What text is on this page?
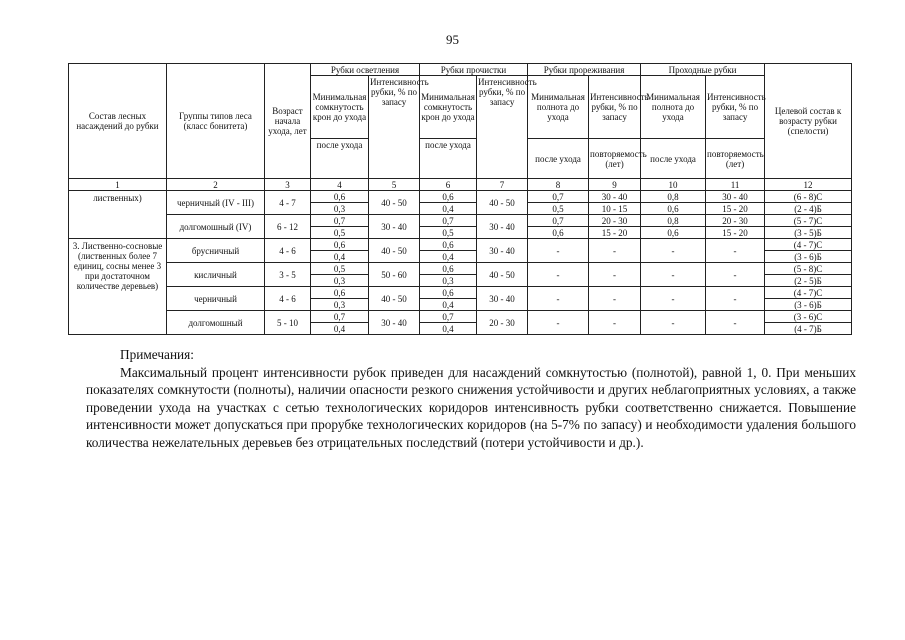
95
Состав лесных насаждений до рубки	Группы типов леса (класс бонитета)	Возраст начала ухода, лет	Рубки осветления		Рубки прочистки		Рубки прореживания		Проходные рубки		Целевой состав к возрасту рубки (спелости)
			Минимальная сомкнутость крон до ухода	Интенсивность рубки, % по запасу	Минимальная сомкнутость крон до ухода	Интенсивность рубки, % по запасу	Минимальная полнота до ухода	Интенсивность рубки, % по запасу	Минимальная полнота до ухода	Интенсивность рубки, % по запасу	
			после ухода		после ухода		после ухода	повторяемость (лет)	после ухода	повторяемость (лет)	
1	2	3	4	5	6	7	8	9	10	11	12
лиственных)	черничный (IV - III)	4 - 7	0,6	40 - 50	0,6	40 - 50	0,7	30 - 40	0,8	30 - 40	(6 - 8)С
			0,3		0,4		0,5	10 - 15	0,6	15 - 20	(2 - 4)Б
	долгомошный (IV)	6 - 12	0,7	30 - 40	0,7	30 - 40	0,7	20 - 30	0,8	20 - 30	(5 - 7)С
			0,5		0,5		0,6	15 - 20	0,6	15 - 20	(3 - 5)Б
3. Лиственно-сосновые (лиственных более 7 единиц, сосны менее 3 при достаточном количестве деревьев)	брусничный	4 - 6	0,6	40 - 50	0,6	30 - 40	-	-	-	-	(4 - 7)С
			0,4		0,4						(3 - 6)Б
	кисличный	3 - 5	0,5	50 - 60	0,6	40 - 50	-	-	-	-	(5 - 8)С
			0,3		0,3						(2 - 5)Б
	черничный	4 - 6	0,6	40 - 50	0,6	30 - 40	-	-	-	-	(4 - 7)С
			0,3		0,4						(3 - 6)Б
	долгомошный	5 - 10	0,7	30 - 40	0,7	20 - 30	-	-	-	-	(3 - 6)С
			0,4		0,4						(4 - 7)Б
Примечания:
Максимальный процент интенсивности рубок приведен для насаждений сомкнутостью (полнотой), равной 1, 0. При меньших показателях сомкнутости (полноты), наличии опасности резкого снижения устойчивости и других неблагоприятных условиях, а также проведении ухода на участках с сетью технологических коридоров интенсивность рубки соответственно снижается. Повышение интенсивности может допускаться при прорубке технологических коридоров (на 5-7% по запасу) и необходимости удаления большого количества нежелательных деревьев без отрицательных последствий (потери устойчивости и др.).
